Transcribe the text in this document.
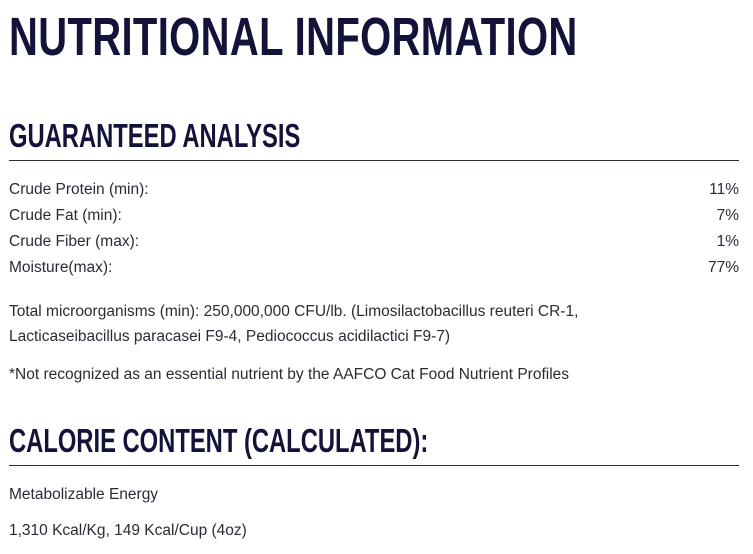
NUTRITIONAL INFORMATION
GUARANTEED ANALYSIS
Crude Protein (min):	11%
Crude Fat (min):	7%
Crude Fiber (max):	1%
Moisture(max):	77%

Total microorganisms (min): 250,000,000 CFU/lb. (Limosilactobacillus reuteri CR-1,
Lacticaseibacillus paracasei F9-4, Pediococcus acidilactici F9-7)

*Not recognized as an essential nutrient by the AAFCO Cat Food Nutrient Profiles

CALORIE CONTENT (CALCULATED):

Metabolizable Energy

1,310 Kcal/Kg, 149 Kcal/Cup (4oz)
